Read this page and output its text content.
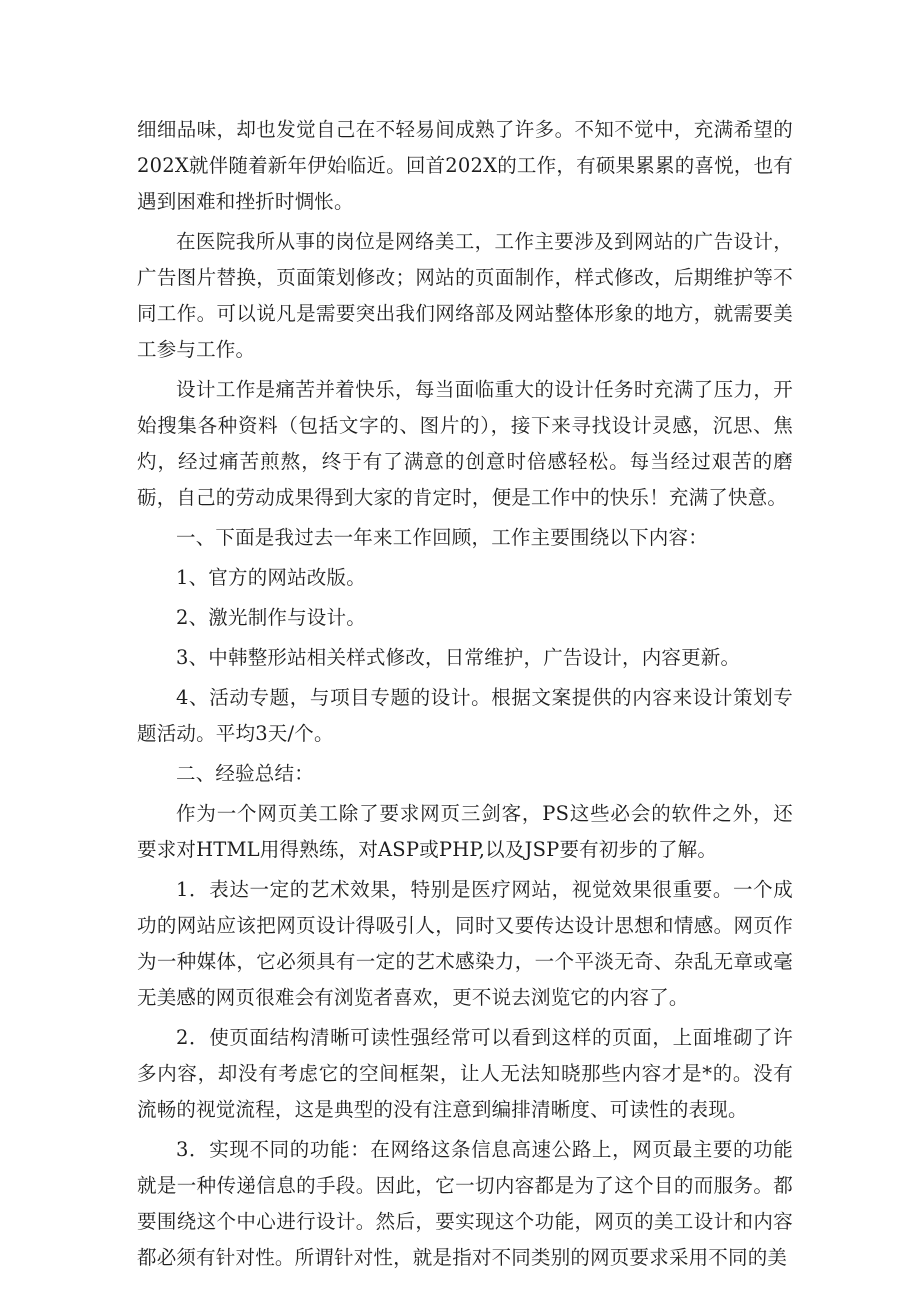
细细品味，却也发觉自己在不轻易间成熟了许多。不知不觉中，充满希望的202X就伴随着新年伊始临近。回首202X的工作，有硕果累累的喜悦，也有遇到困难和挫折时惆怅。

在医院我所从事的岗位是网络美工，工作主要涉及到网站的广告设计，广告图片替换，页面策划修改；网站的页面制作，样式修改，后期维护等不同工作。可以说凡是需要突出我们网络部及网站整体形象的地方，就需要美工参与工作。

设计工作是痛苦并着快乐，每当面临重大的设计任务时充满了压力，开始搜集各种资料（包括文字的、图片的），接下来寻找设计灵感，沉思、焦灼，经过痛苦煎熬，终于有了满意的创意时倍感轻松。每当经过艰苦的磨砺，自己的劳动成果得到大家的肯定时，便是工作中的快乐！充满了快意。

一、下面是我过去一年来工作回顾，工作主要围绕以下内容：

1、官方的网站改版。

2、激光制作与设计。

3、中韩整形站相关样式修改，日常维护，广告设计，内容更新。

4、活动专题，与项目专题的设计。根据文案提供的内容来设计策划专题活动。平均3天/个。

二、经验总结：

作为一个网页美工除了要求网页三剑客，PS这些必会的软件之外，还要求对HTML用得熟练，对ASP或PHP,以及JSP要有初步的了解。

1．表达一定的艺术效果，特别是医疗网站，视觉效果很重要。一个成功的网站应该把网页设计得吸引人，同时又要传达设计思想和情感。网页作为一种媒体，它必须具有一定的艺术感染力，一个平淡无奇、杂乱无章或毫无美感的网页很难会有浏览者喜欢，更不说去浏览它的内容了。

2．使页面结构清晰可读性强经常可以看到这样的页面，上面堆砌了许多内容，却没有考虑它的空间框架，让人无法知晓那些内容才是*的。没有流畅的视觉流程，这是典型的没有注意到编排清晰度、可读性的表现。

3．实现不同的功能：在网络这条信息高速公路上，网页最主要的功能就是一种传递信息的手段。因此，它一切内容都是为了这个目的而服务。都要围绕这个中心进行设计。然后，要实现这个功能，网页的美工设计和内容都必须有针对性。所谓针对性，就是指对不同类别的网页要求采用不同的美
